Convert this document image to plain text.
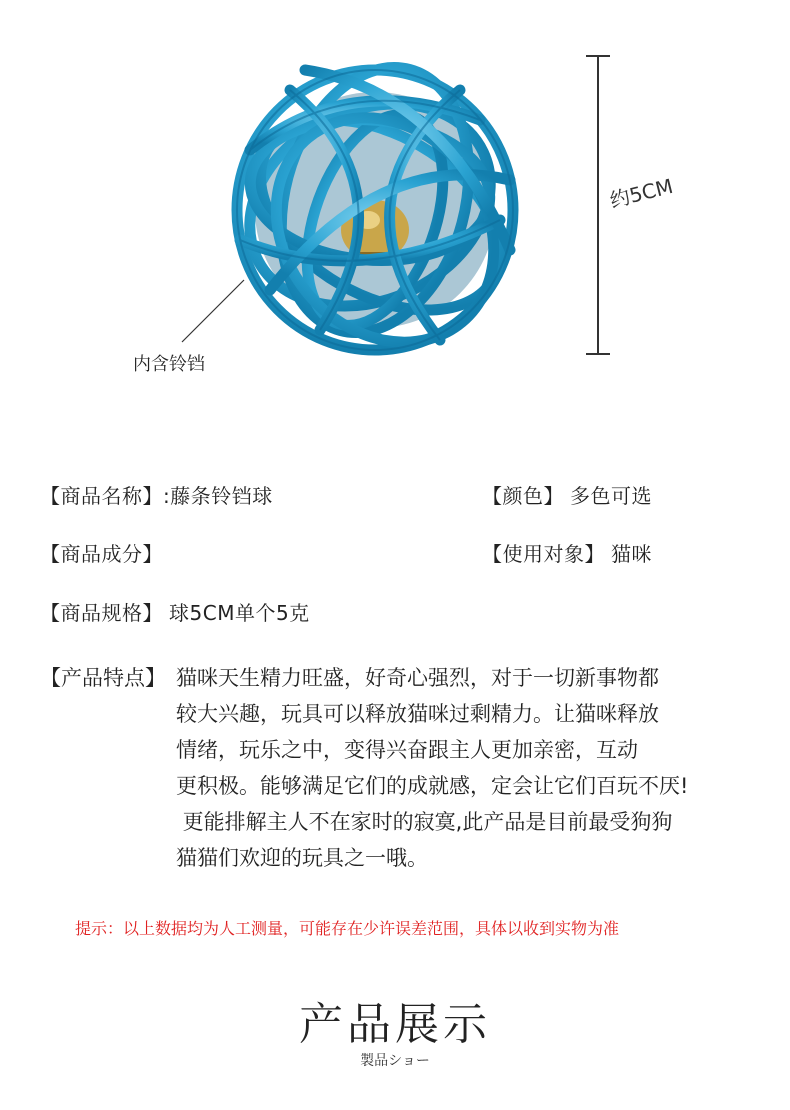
内含铃铛
约5CM
【商品名称】:藤条铃铛球	【颜色】 多色可选
【商品成分】	【使用对象】 猫咪
【商品规格】 球5CM单个5克
【产品特点】 猫咪天生精力旺盛，好奇心强烈，对于一切新事物都
较大兴趣，玩具可以释放猫咪过剩精力。让猫咪释放
情绪，玩乐之中，变得兴奋跟主人更加亲密，互动
更积极。能够满足它们的成就感，定会让它们百玩不厌!
更能排解主人不在家时的寂寞,此产品是目前最受狗狗
猫猫们欢迎的玩具之一哦。
提示：以上数据均为人工测量，可能存在少许误差范围，具体以收到实物为准
产品展示
製品ショー
